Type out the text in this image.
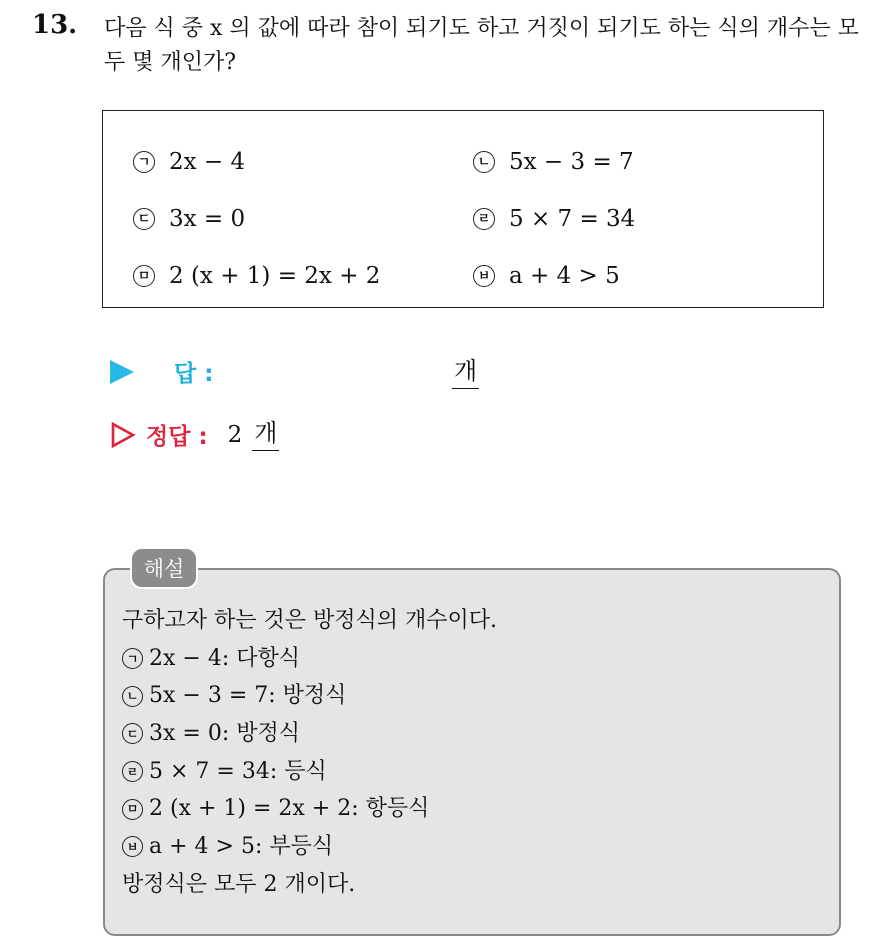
13. 다음 식 중 x 의 값에 따라 참이 되기도 하고 거짓이 되기도 하는 식의 개수는 모두 몇 개인가?
ㄱ 2x − 4	ㄴ 5x − 3 = 7
ㄷ 3x = 0	ㄹ 5 × 7 = 34
ㅁ 2 (x + 1) = 2x + 2	ㅂ a + 4 > 5
답 :	개
정답 : 2 개
해설
구하고자 하는 것은 방정식의 개수이다.
ㄱ 2x − 4 : 다항식
ㄴ 5x − 3 = 7 : 방정식
ㄷ 3x = 0 : 방정식
ㄹ 5 × 7 = 34 : 등식
ㅁ 2 (x + 1) = 2x + 2 : 항등식
ㅂ a + 4 > 5 : 부등식
방정식은 모두 2 개이다.
